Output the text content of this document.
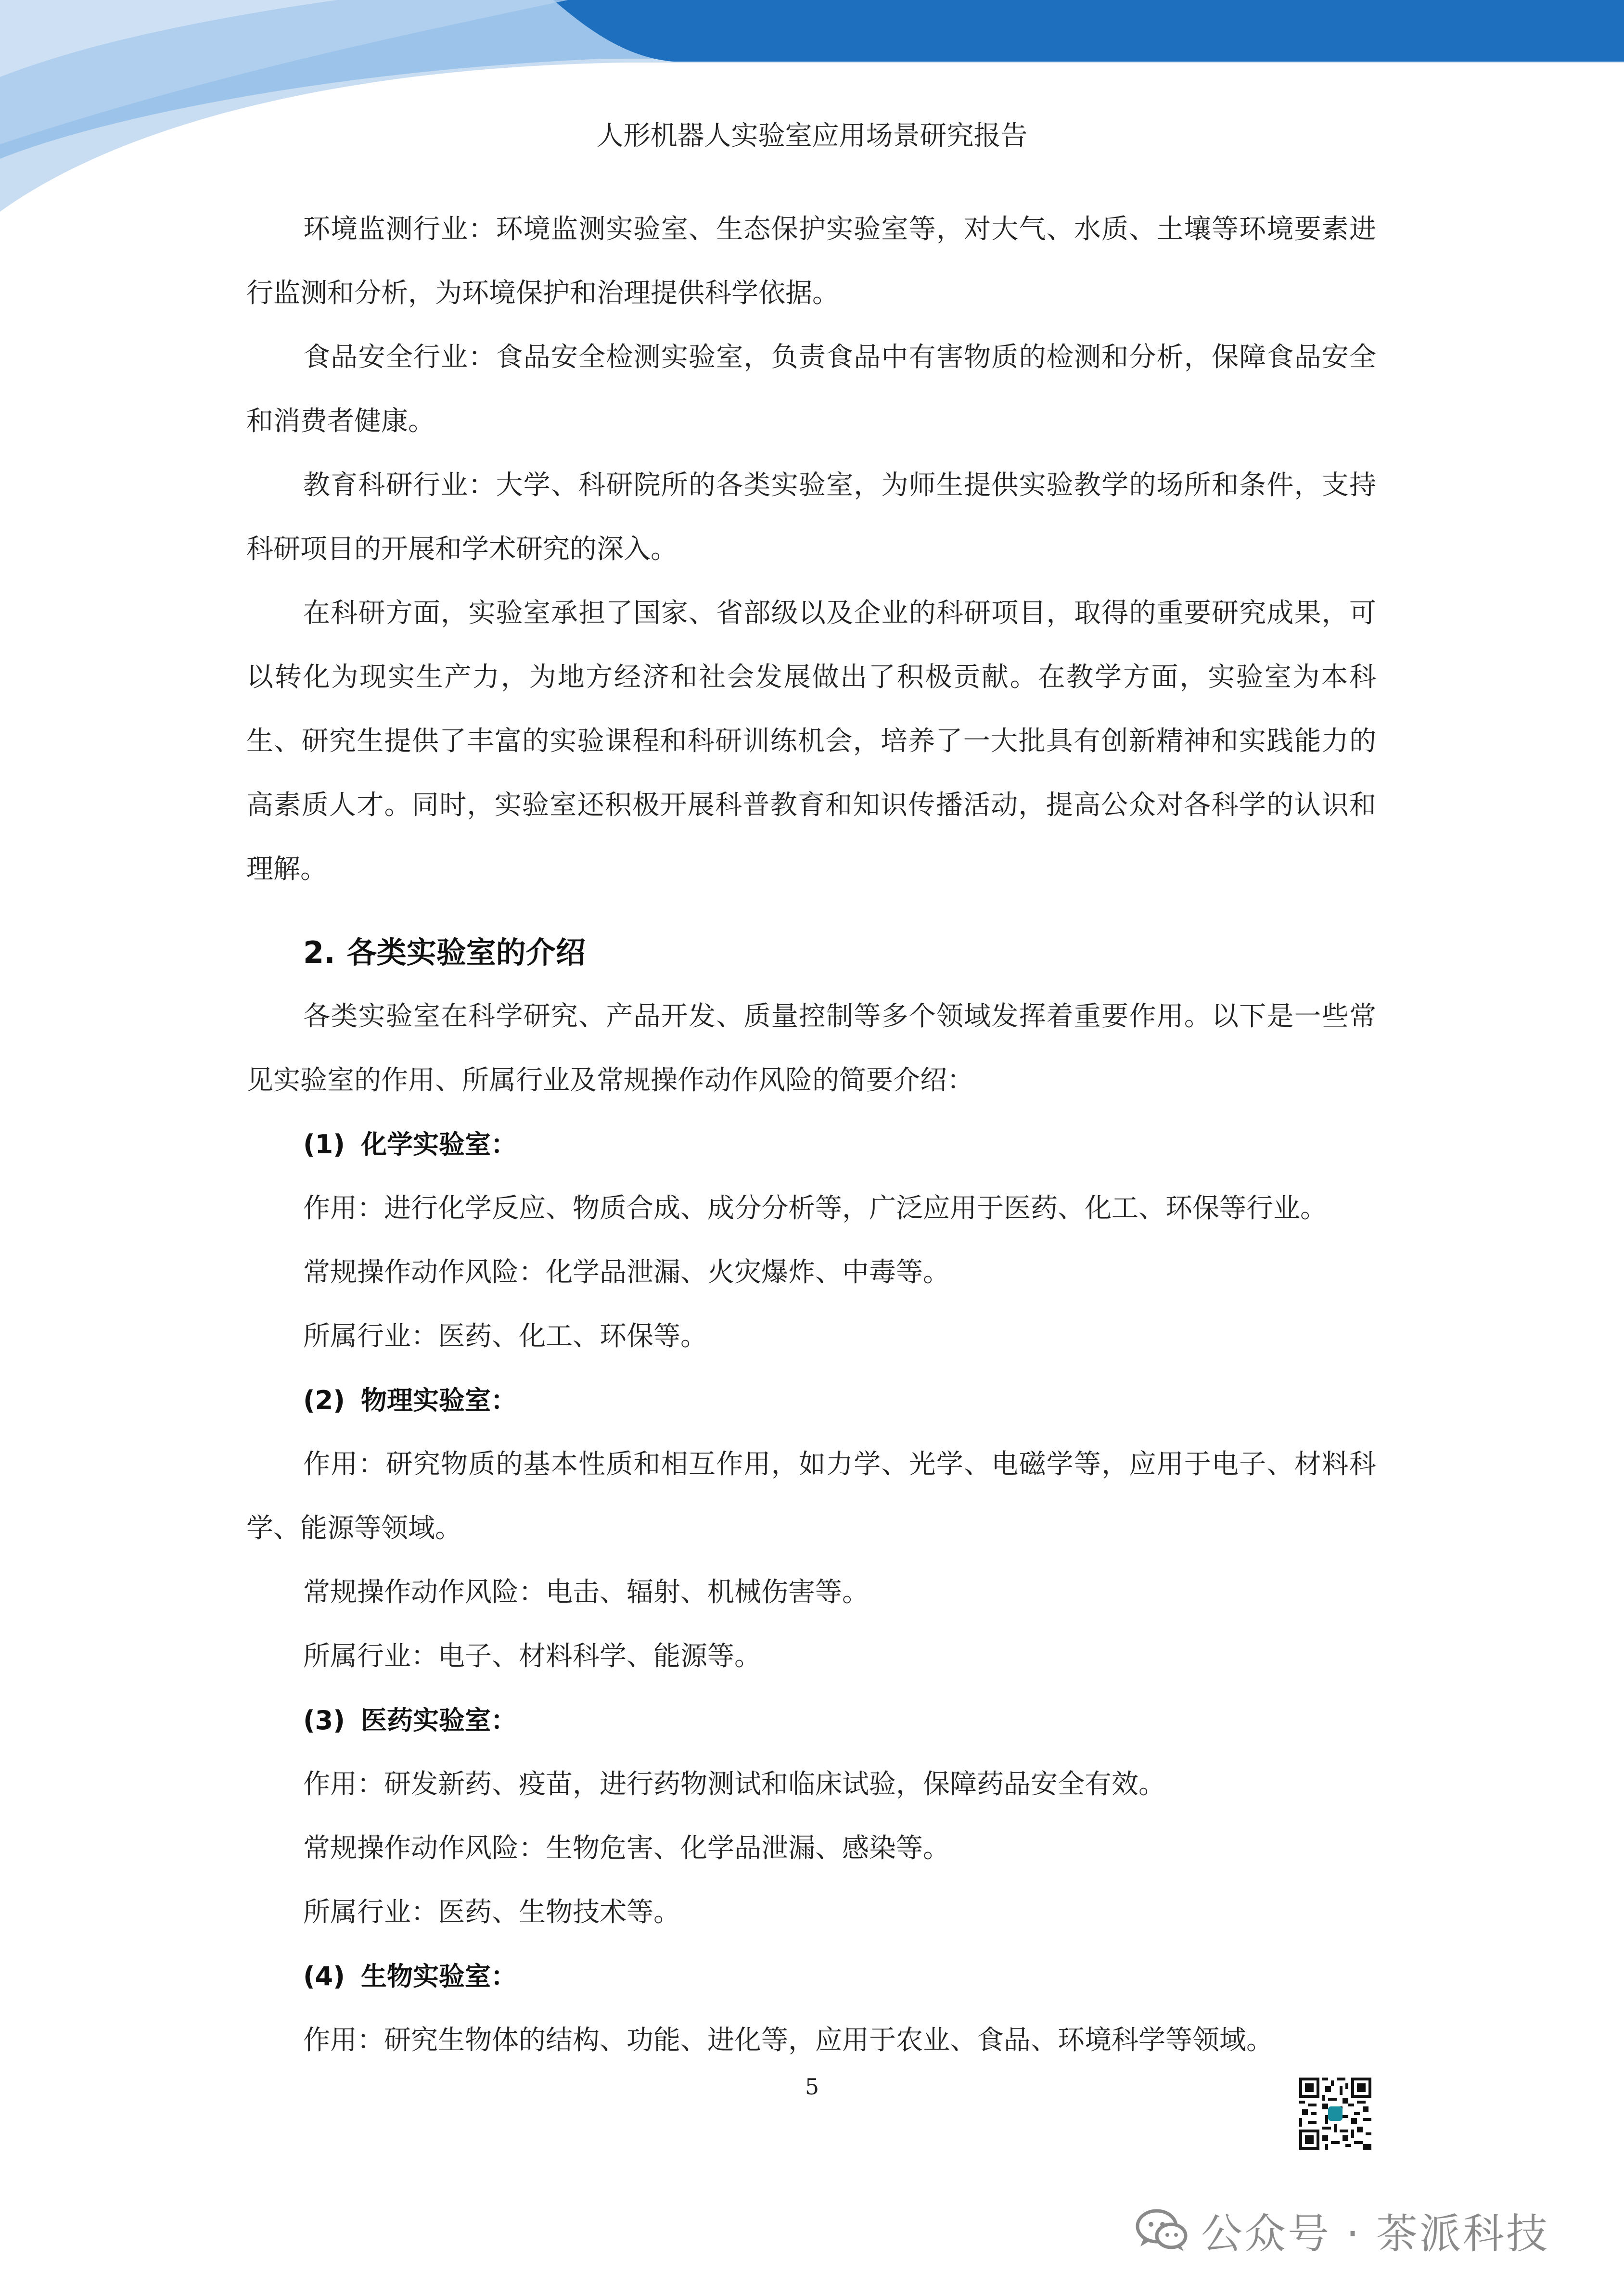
人形机器人实验室应用场景研究报告

环境监测行业：环境监测实验室、生态保护实验室等，对大气、水质、土壤等环境要素进行监测和分析，为环境保护和治理提供科学依据。

食品安全行业：食品安全检测实验室，负责食品中有害物质的检测和分析，保障食品安全和消费者健康。

教育科研行业：大学、科研院所的各类实验室，为师生提供实验教学的场所和条件，支持科研项目的开展和学术研究的深入。

在科研方面，实验室承担了国家、省部级以及企业的科研项目，取得的重要研究成果，可以转化为现实生产力，为地方经济和社会发展做出了积极贡献。在教学方面，实验室为本科生、研究生提供了丰富的实验课程和科研训练机会，培养了一大批具有创新精神和实践能力的高素质人才。同时，实验室还积极开展科普教育和知识传播活动，提高公众对各科学的认识和理解。

2. 各类实验室的介绍

各类实验室在科学研究、产品开发、质量控制等多个领域发挥着重要作用。以下是一些常见实验室的作用、所属行业及常规操作动作风险的简要介绍：

(1) 化学实验室：

作用：进行化学反应、物质合成、成分分析等，广泛应用于医药、化工、环保等行业。

常规操作动作风险：化学品泄漏、火灾爆炸、中毒等。

所属行业：医药、化工、环保等。

(2) 物理实验室：

作用：研究物质的基本性质和相互作用，如力学、光学、电磁学等，应用于电子、材料科学、能源等领域。

常规操作动作风险：电击、辐射、机械伤害等。

所属行业：电子、材料科学、能源等。

(3) 医药实验室：

作用：研发新药、疫苗，进行药物测试和临床试验，保障药品安全有效。

常规操作动作风险：生物危害、化学品泄漏、感染等。

所属行业：医药、生物技术等。

(4) 生物实验室：

作用：研究生物体的结构、功能、进化等，应用于农业、食品、环境科学等领域。

5
公众号 · 茶派科技
